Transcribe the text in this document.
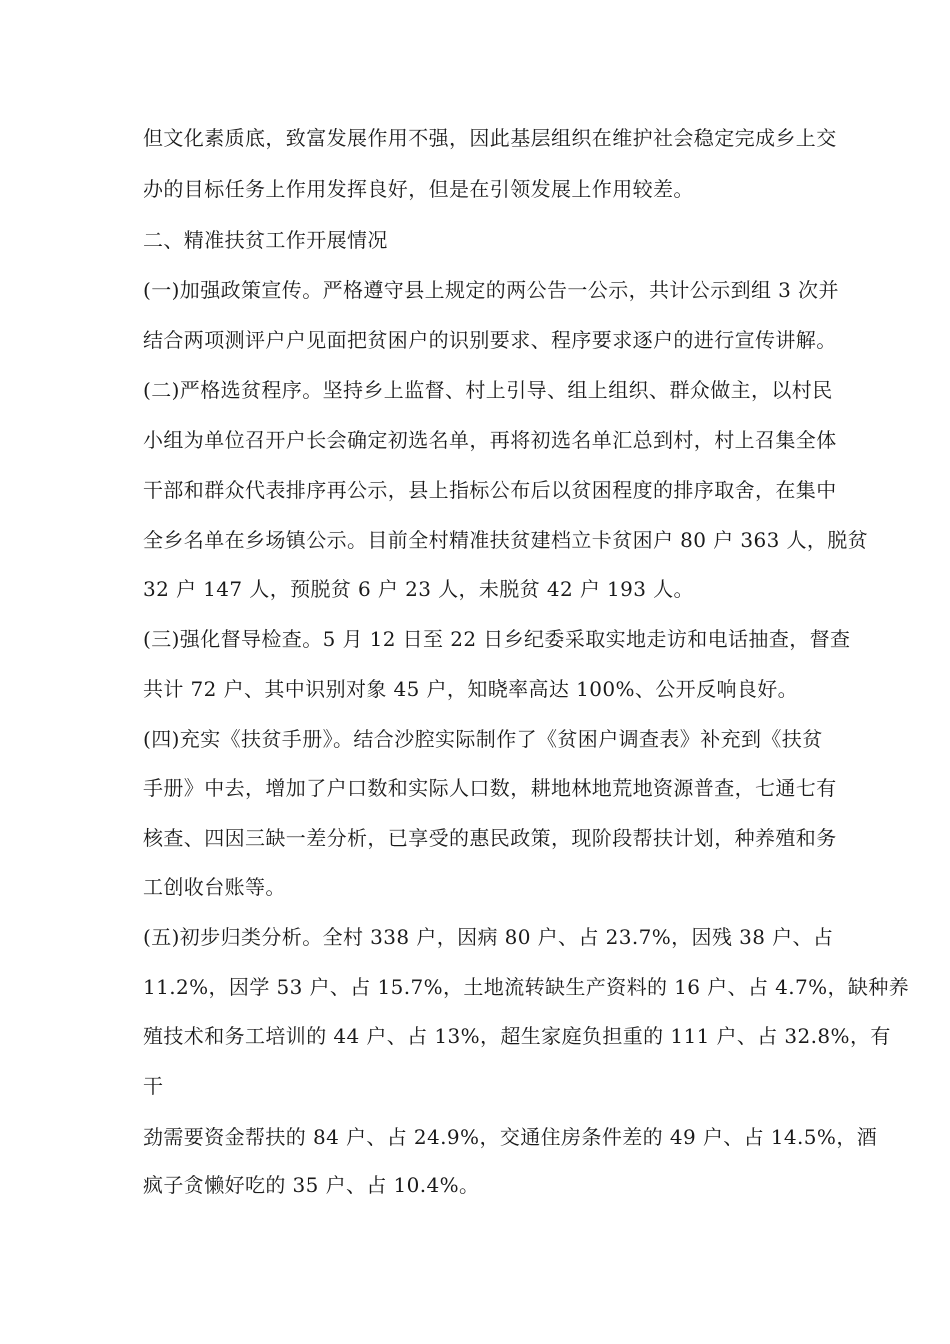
但文化素质底，致富发展作用不强，因此基层组织在维护社会稳定完成乡上交
办的目标任务上作用发挥良好，但是在引领发展上作用较差。
二、精准扶贫工作开展情况
(一)加强政策宣传。严格遵守县上规定的两公告一公示，共计公示到组 3 次并
结合两项测评户户见面把贫困户的识别要求、程序要求逐户的进行宣传讲解。
(二)严格选贫程序。坚持乡上监督、村上引导、组上组织、群众做主，以村民
小组为单位召开户长会确定初选名单，再将初选名单汇总到村，村上召集全体
干部和群众代表排序再公示，县上指标公布后以贫困程度的排序取舍，在集中
全乡名单在乡场镇公示。目前全村精准扶贫建档立卡贫困户 80 户 363 人，脱贫
32 户 147 人，预脱贫 6 户 23 人，未脱贫 42 户 193 人。
(三)强化督导检查。5 月 12 日至 22 日乡纪委采取实地走访和电话抽查，督查
共计 72 户、其中识别对象 45 户，知晓率高达 100%、公开反响良好。
(四)充实《扶贫手册》。结合沙腔实际制作了《贫困户调查表》补充到《扶贫
手册》中去，增加了户口数和实际人口数，耕地林地荒地资源普查，七通七有
核查、四因三缺一差分析，已享受的惠民政策，现阶段帮扶计划，种养殖和务
工创收台账等。
(五)初步归类分析。全村 338 户，因病 80 户、占 23.7%，因残 38 户、占
11.2%，因学 53 户、占 15.7%，土地流转缺生产资料的 16 户、占 4.7%，缺种养
殖技术和务工培训的 44 户、占 13%，超生家庭负担重的 111 户、占 32.8%，有
干
劲需要资金帮扶的 84 户、占 24.9%，交通住房条件差的 49 户、占 14.5%，酒
疯子贪懒好吃的 35 户、占 10.4%。
